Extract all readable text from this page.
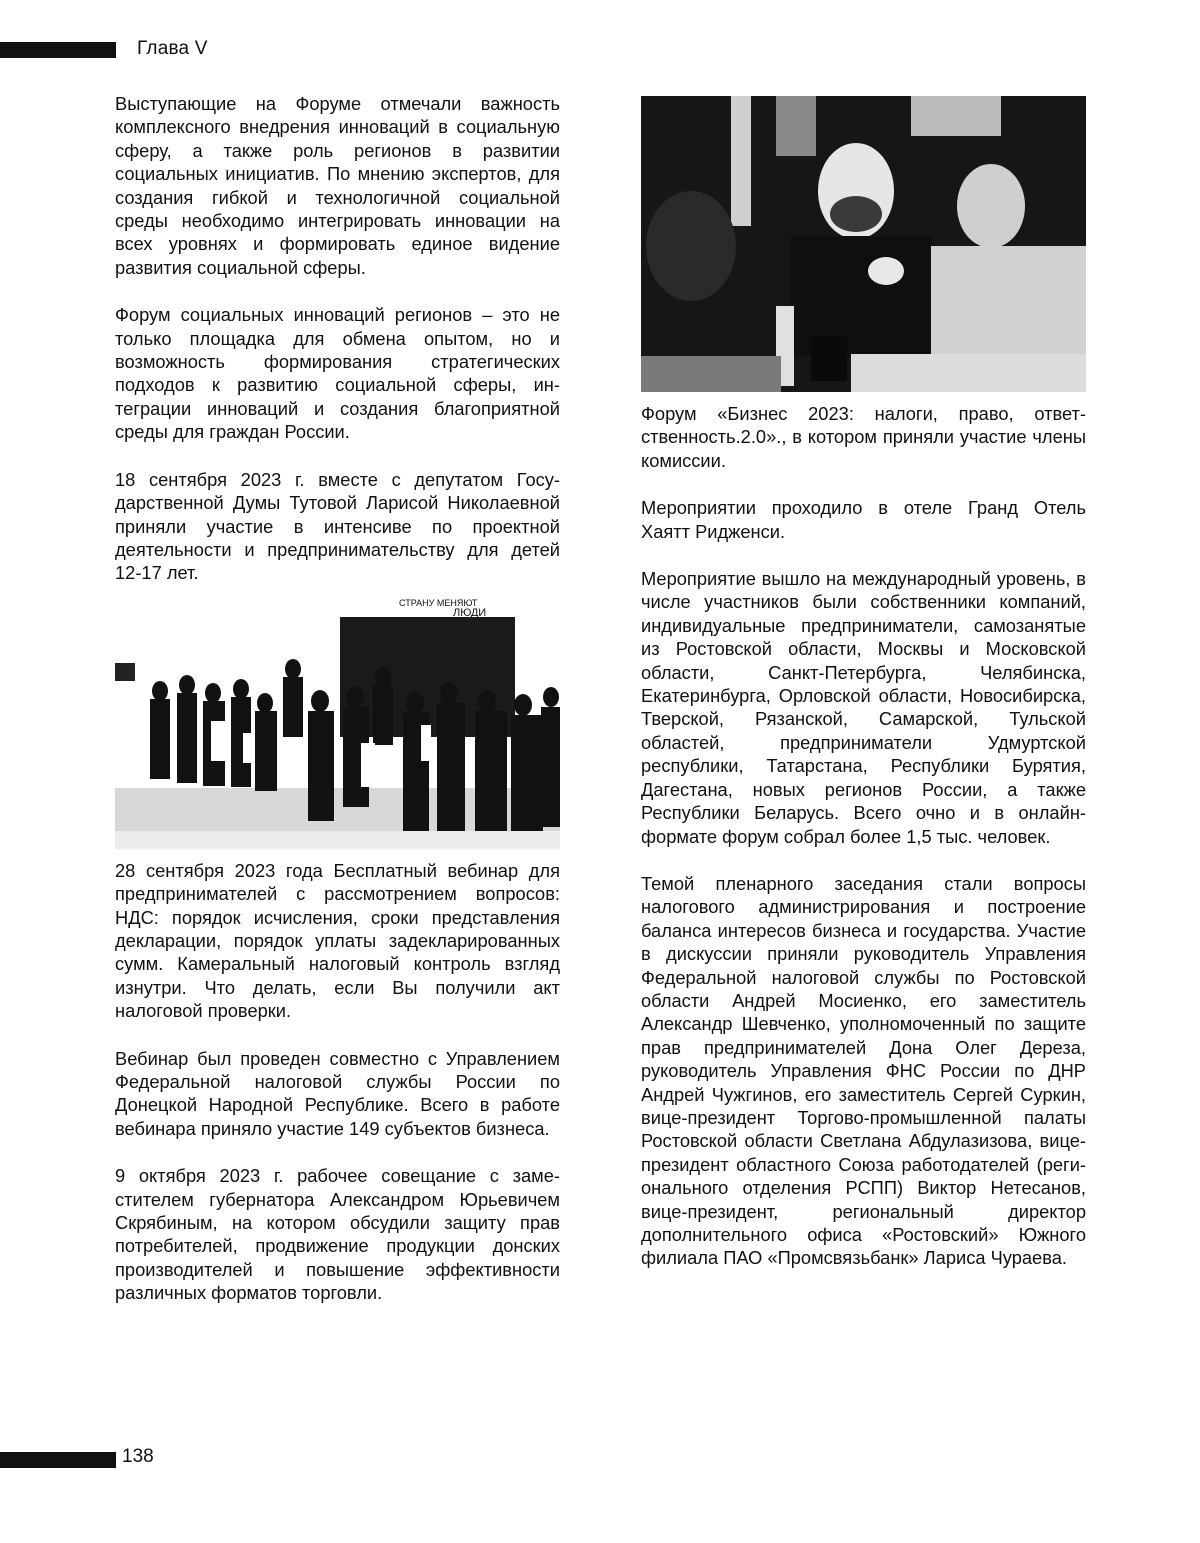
Глава V

Выступающие на Форуме отмечали важность комплексного внедрения инноваций в социальную сферу, а также роль регионов в развитии социальных инициатив. По мнению экспертов, для создания гибкой и технологичной социальной среды необходимо интегрировать инновации на всех уровнях и формировать единое видение развития социальной сферы.

Форум социальных инноваций регионов – это не только площадка для обмена опытом, но и возможность формирования стратегических подходов к развитию социальной сферы, интеграции инноваций и создания благоприятной среды для граждан России.

18 сентября 2023 г. вместе с депутатом Государственной Думы Тутовой Ларисой Николаевной приняли участие в интенсиве по проектной деятельности и предпринимательству для детей 12-17 лет.

СТРАНУ МЕНЯЮТ
ЛЮДИ

28 сентября 2023 года Бесплатный вебинар для предпринимателей с рассмотрением вопросов: НДС: порядок исчисления, сроки представления декларации, порядок уплаты задекларированных сумм. Камеральный налоговый контроль взгляд изнутри. Что делать, если Вы получили акт налоговой проверки.

Вебинар был проведен совместно с Управлением Федеральной налоговой службы России по Донецкой Народной Республике. Всего в работе вебинара приняло участие 149 субъектов бизнеса.

9 октября 2023 г. рабочее совещание с заместителем губернатора Александром Юрьевичем Скрябиным, на котором обсудили защиту прав потребителей, продвижение продукции донских производителей и повышение эффективности различных форматов торговли.

Форум «Бизнес 2023: налоги, право, ответственность.2.0»., в котором приняли участие члены комиссии.

Мероприятии проходило в отеле Гранд Отель Хаятт Ридженси.

Мероприятие вышло на международный уровень, в числе участников были собственники компаний, индивидуальные предприниматели, самозанятые из Ростовской области, Москвы и Московской области, Санкт-Петербурга, Челябинска, Екатеринбурга, Орловской области, Новосибирска, Тверской, Рязанской, Самарской, Тульской областей, предприниматели Удмуртской республики, Татарстана, Республики Бурятия, Дагестана, новых регионов России, а также Республики Беларусь. Всего очно и в онлайн-формате форум собрал более 1,5 тыс. человек.

Темой пленарного заседания стали вопросы налогового администрирования и построение баланса интересов бизнеса и государства. Участие в дискуссии приняли руководитель Управления Федеральной налоговой службы по Ростовской области Андрей Мосиенко, его заместитель Александр Шевченко, уполномоченный по защите прав предпринимателей Дона Олег Дереза, руководитель Управления ФНС России по ДНР Андрей Чужгинов, его заместитель Сергей Суркин, вице-президент Торгово-промышленной палаты Ростовской области Светлана Абдулазизова, вице-президент областного Союза работодателей (регионального отделения РСПП) Виктор Нетесанов, вице-президент, региональный директор дополнительного офиса «Ростовский» Южного филиала ПАО «Промсвязьбанк» Лариса Чураева.

138
